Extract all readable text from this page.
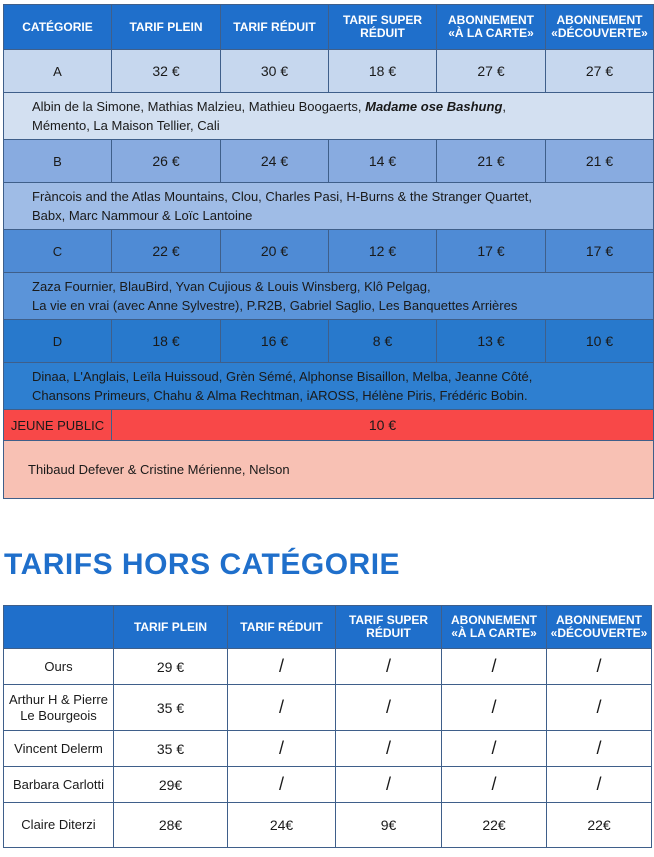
CATÉGORIE	TARIF PLEIN	TARIF RÉDUIT	TARIF SUPER RÉDUIT	ABONNEMENT «À LA CARTE»	ABONNEMENT «DÉCOUVERTE»
A	32 €	30 €	18 €	27 €	27 €
Albin de la Simone, Mathias Malzieu, Mathieu Boogaerts, Madame ose Bashung,
Mémento, La Maison Tellier, Cali					
B	26 €	24 €	14 €	21 €	21 €
Fràncois and the Atlas Mountains, Clou, Charles Pasi, H-Burns & the Stranger Quartet,
Babx, Marc Nammour & Loïc Lantoine					
C	22 €	20 €	12 €	17 €	17 €
Zaza Fournier, BlauBird, Yvan Cujious & Louis Winsberg, Klô Pelgag,
La vie en vrai (avec Anne Sylvestre), P.R2B, Gabriel Saglio, Les Banquettes Arrières					
D	18 €	16 €	8 €	13 €	10 €
Dinaa, L'Anglais, Leïla Huissoud, Grèn Sémé, Alphonse Bisaillon, Melba, Jeanne Côté,
Chansons Primeurs, Chahu & Alma Rechtman, iAROSS, Hélène Piris, Frédéric Bobin.					
JEUNE PUBLIC	10 €				
Thibaud Defever & Cristine Mérienne, Nelson					
TARIFS HORS CATÉGORIE
	TARIF PLEIN	TARIF RÉDUIT	TARIF SUPER RÉDUIT	ABONNEMENT «À LA CARTE»	ABONNEMENT «DÉCOUVERTE»
Ours	29 €	/	/	/	/
Arthur H & Pierre Le Bourgeois	35 €	/	/	/	/
Vincent Delerm	35 €	/	/	/	/
Barbara Carlotti	29€	/	/	/	/
Claire Diterzi	28€	24€	9€	22€	22€
